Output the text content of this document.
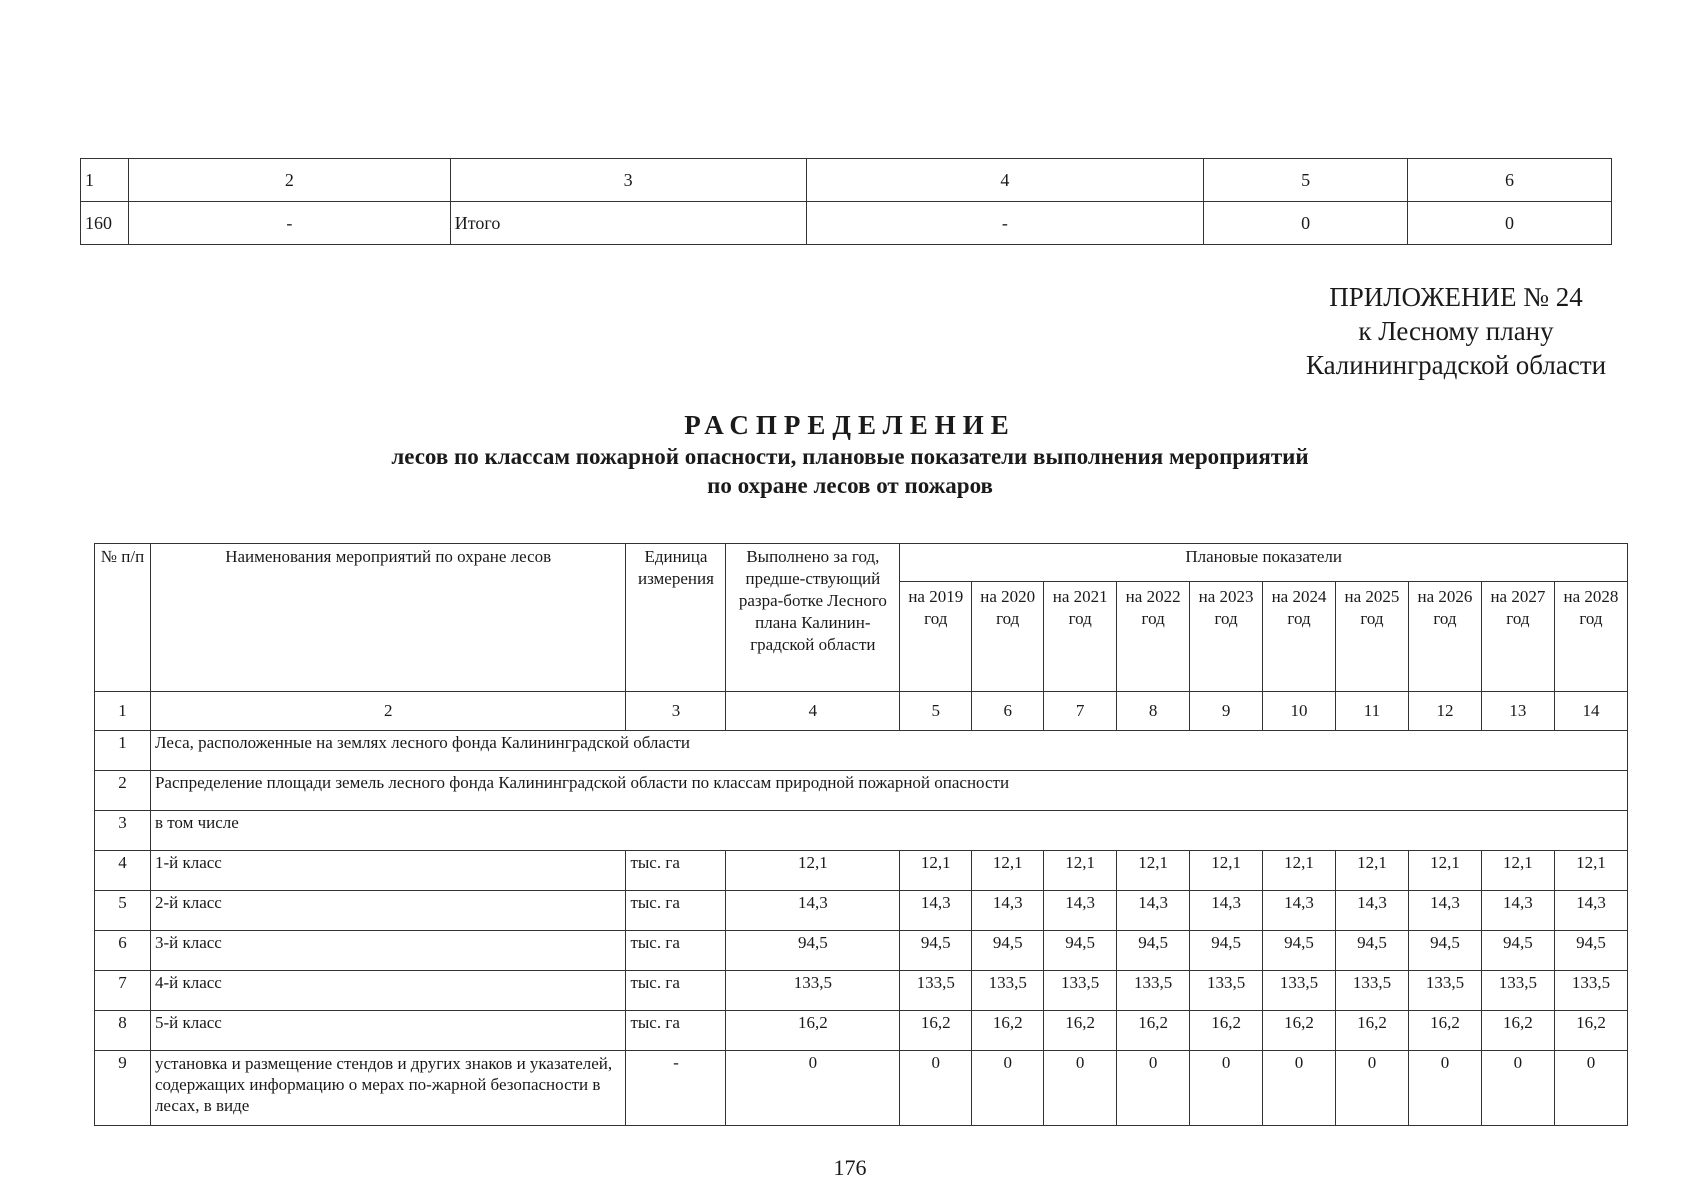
1	2	3	4	5	6
160	-	Итого	-	0	0
ПРИЛОЖЕНИЕ № 24
к Лесному плану
Калининградской области
РАСПРЕДЕЛЕНИЕ
лесов по классам пожарной опасности, плановые показатели выполнения мероприятий
по охране лесов от пожаров
№ п/п	Наименования мероприятий по охране лесов	Единица измерения	Выполнено за год, предше-ствующий разра-ботке Лесного плана Калинин-градской области	Плановые показатели									
				на 2019 год	на 2020 год	на 2021 год	на 2022 год	на 2023 год	на 2024 год	на 2025 год	на 2026 год	на 2027 год	на 2028 год
1	2	3	4	5	6	7	8	9	10	11	12	13	14
1	Леса, расположенные на землях лесного фонда Калининградской области												
2	Распределение площади земель лесного фонда Калининградской области по классам природной пожарной опасности												
3	в том числе												
4	1-й класс	тыс. га	12,1	12,1	12,1	12,1	12,1	12,1	12,1	12,1	12,1	12,1	12,1
5	2-й класс	тыс. га	14,3	14,3	14,3	14,3	14,3	14,3	14,3	14,3	14,3	14,3	14,3
6	3-й класс	тыс. га	94,5	94,5	94,5	94,5	94,5	94,5	94,5	94,5	94,5	94,5	94,5
7	4-й класс	тыс. га	133,5	133,5	133,5	133,5	133,5	133,5	133,5	133,5	133,5	133,5	133,5
8	5-й класс	тыс. га	16,2	16,2	16,2	16,2	16,2	16,2	16,2	16,2	16,2	16,2	16,2
9	установка и размещение стендов и других знаков и указателей, содержащих информацию о мерах по-жарной безопасности в лесах, в виде	-	0	0	0	0	0	0	0	0	0	0	0
176
